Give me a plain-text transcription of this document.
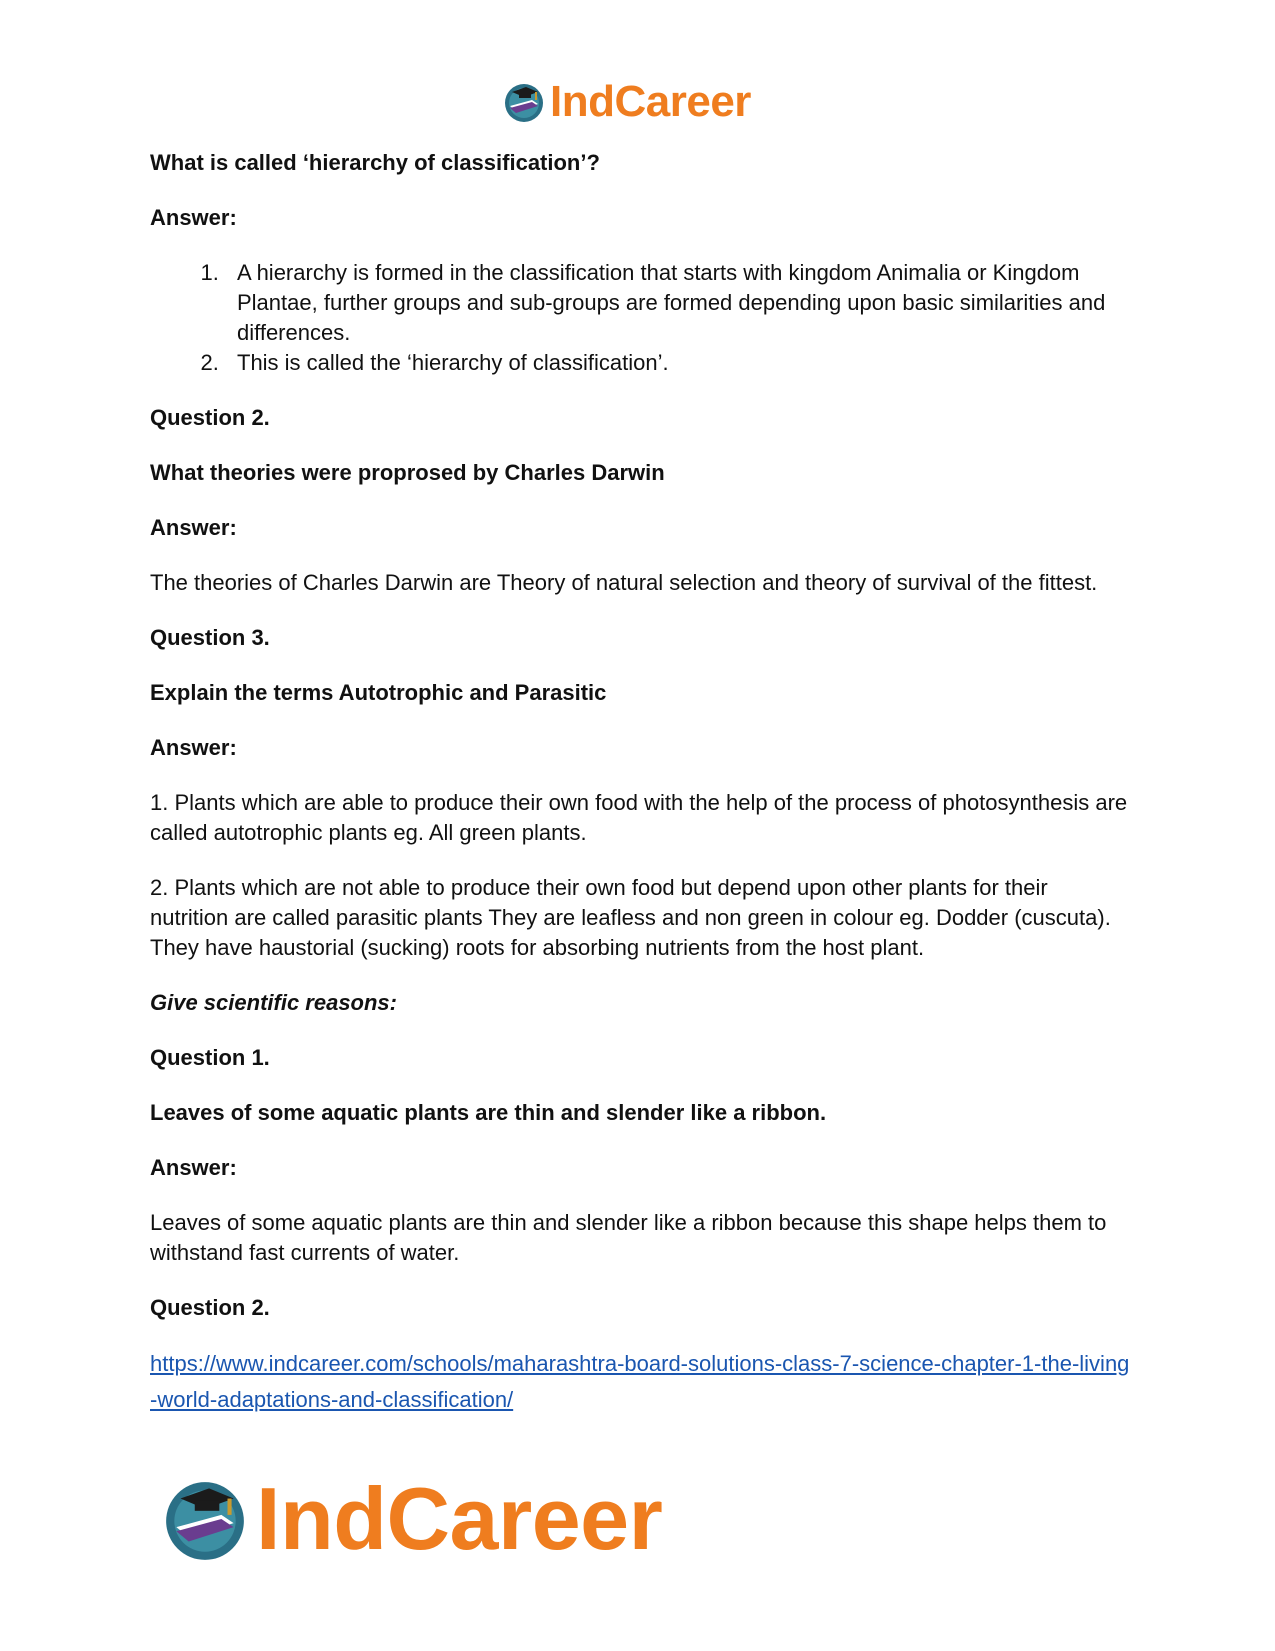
IndCareer

What is called ‘hierarchy of classification’?

Answer:

1. A hierarchy is formed in the classification that starts with kingdom Animalia or Kingdom Plantae, further groups and sub-groups are formed depending upon basic similarities and differences.
2. This is called the ‘hierarchy of classification’.

Question 2.

What theories were proprosed by Charles Darwin

Answer:

The theories of Charles Darwin are Theory of natural selection and theory of survival of the fittest.

Question 3.

Explain the terms Autotrophic and Parasitic

Answer:

1. Plants which are able to produce their own food with the help of the process of photosynthesis are called autotrophic plants eg. All green plants.

2. Plants which are not able to produce their own food but depend upon other plants for their nutrition are called parasitic plants They are leafless and non green in colour eg. Dodder (cuscuta). They have haustorial (sucking) roots for absorbing nutrients from the host plant.

Give scientific reasons:

Question 1.

Leaves of some aquatic plants are thin and slender like a ribbon.

Answer:

Leaves of some aquatic plants are thin and slender like a ribbon because this shape helps them to withstand fast currents of water.

Question 2.

https://www.indcareer.com/schools/maharashtra-board-solutions-class-7-science-chapter-1-the-living-world-adaptations-and-classification/
IndCareer
